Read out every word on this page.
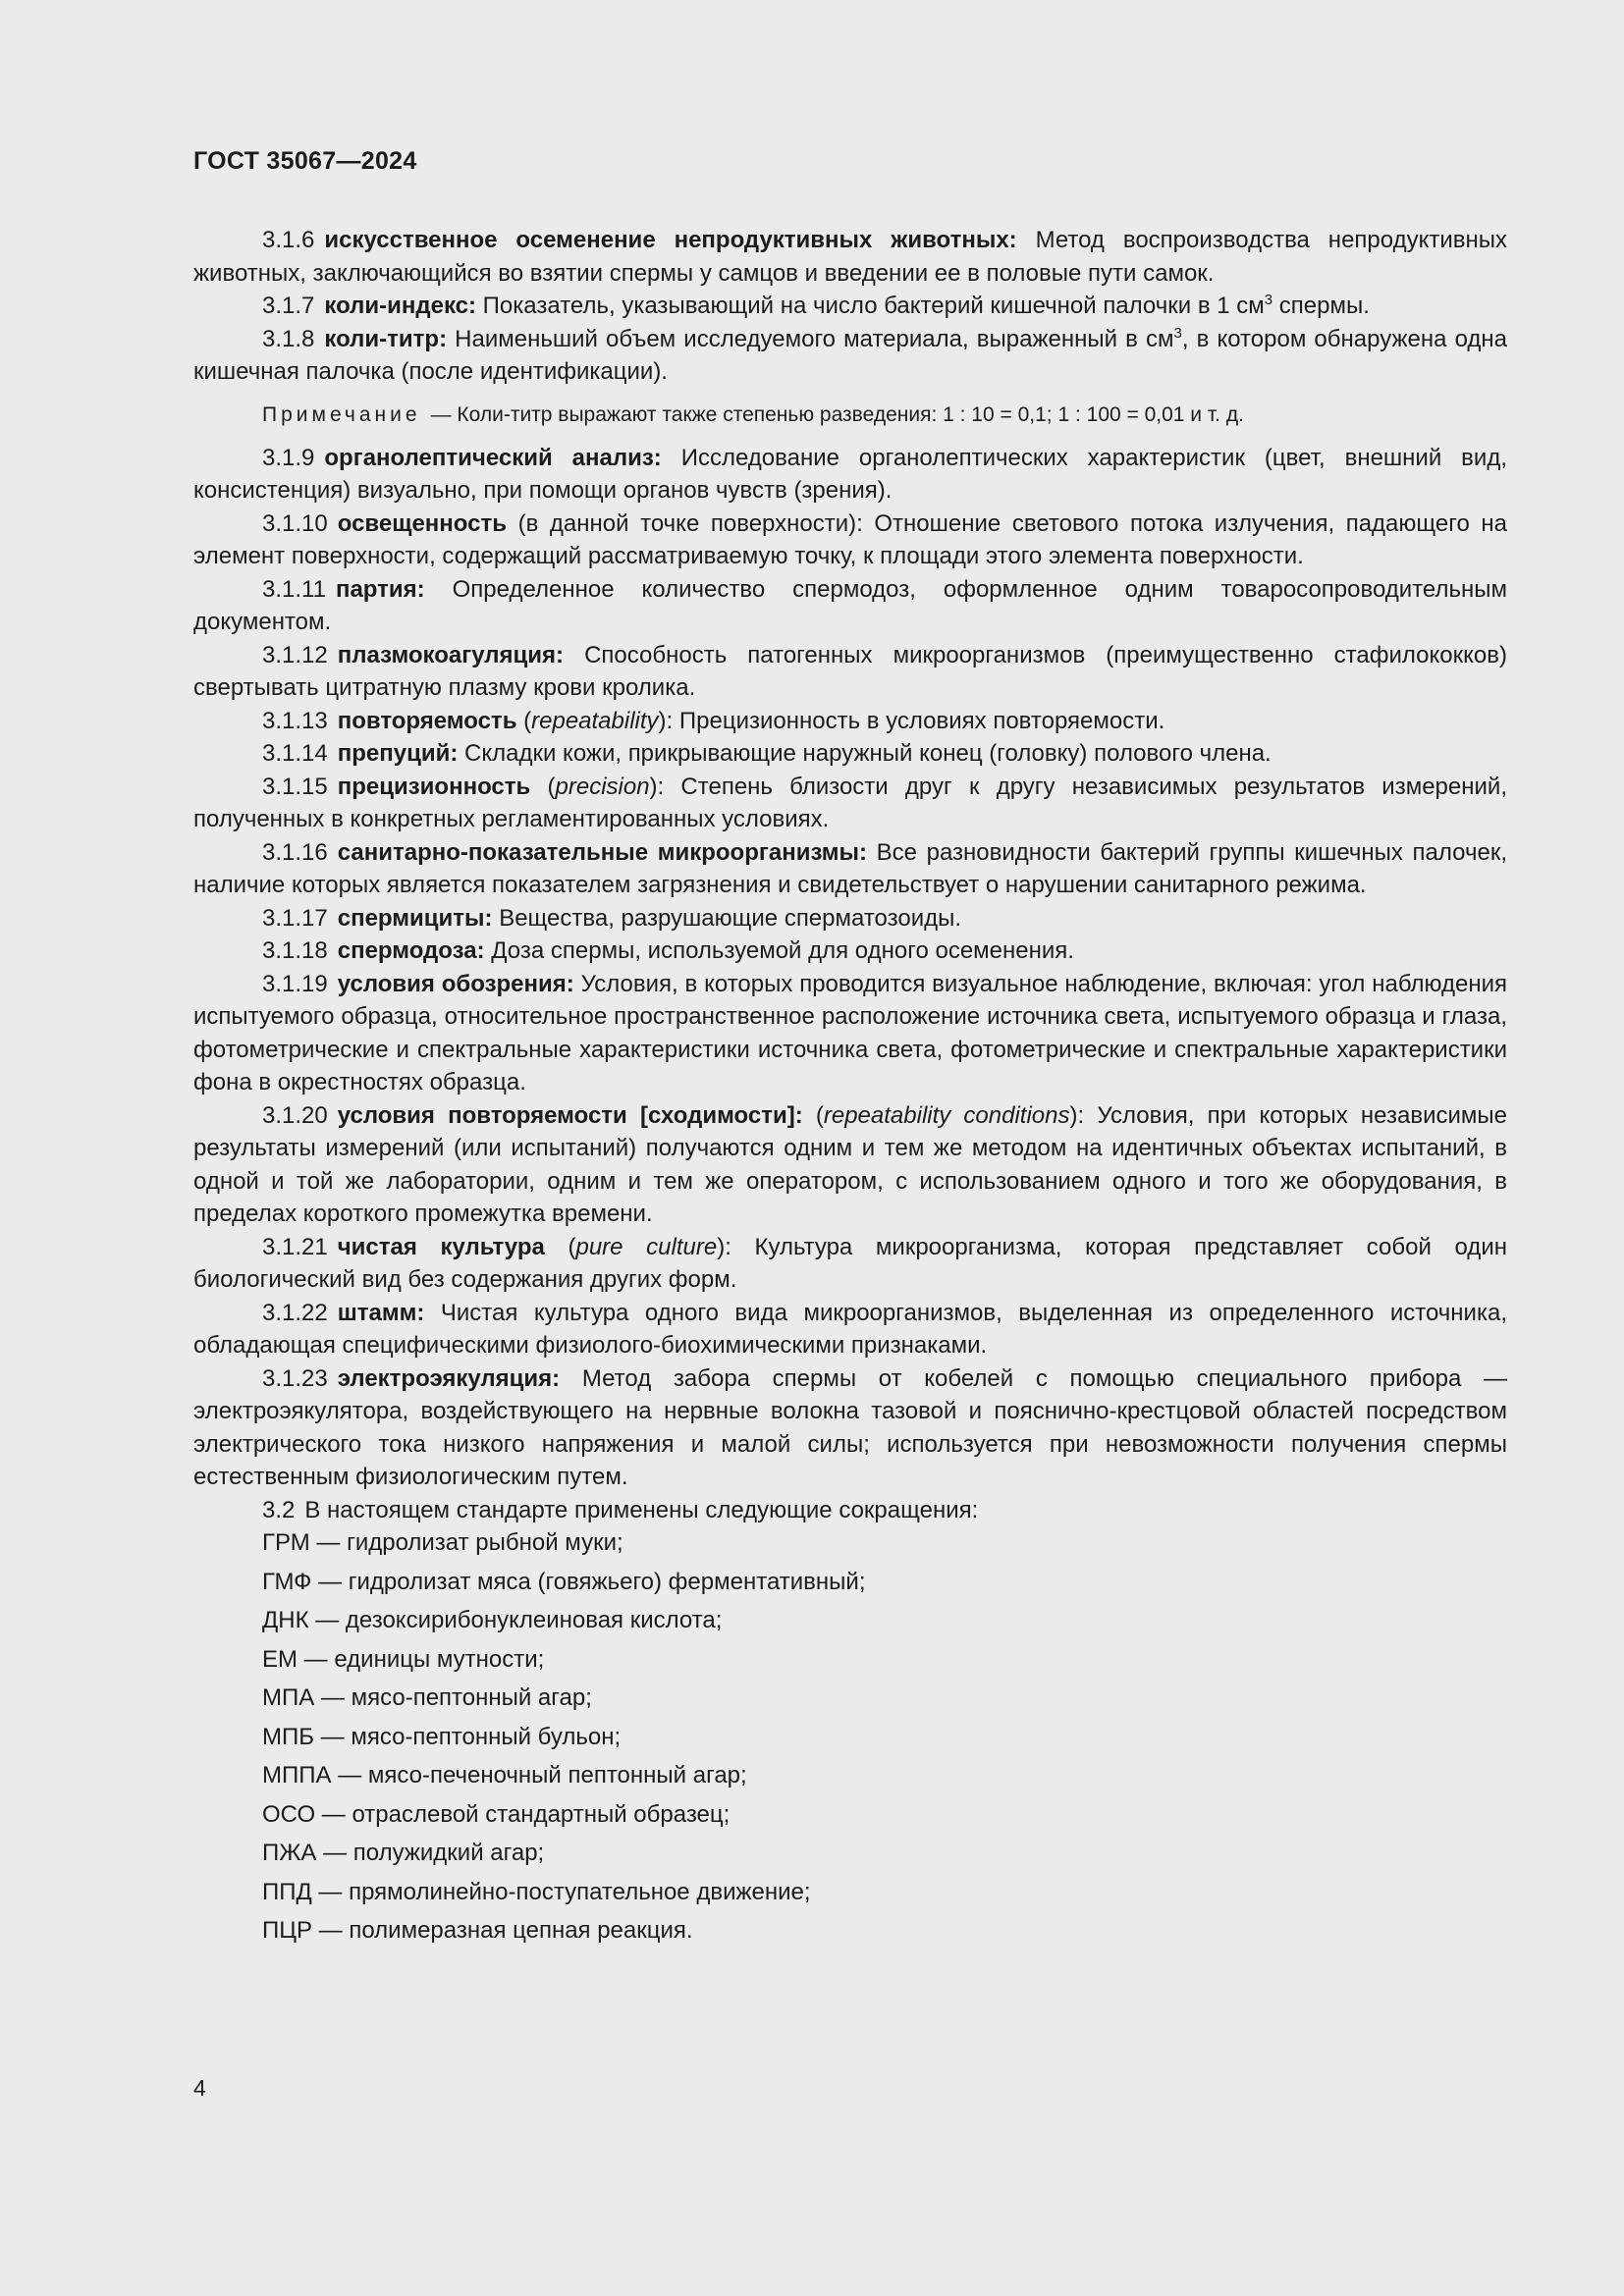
ГОСТ 35067—2024

3.1.6 искусственное осеменение непродуктивных животных: Метод воспроизводства непродуктивных животных, заключающийся во взятии спермы у самцов и введении ее в половые пути самок.

3.1.7 коли-индекс: Показатель, указывающий на число бактерий кишечной палочки в 1 $см^3$ спермы.

3.1.8 коли-титр: Наименьший объем исследуемого материала, выраженный в $см^3$, в котором обнаружена одна кишечная палочка (после идентификации).

Примечание — Коли-титр выражают также степенью разведения: 1 : 10 = 0,1; 1 : 100 = 0,01 и т. д.

3.1.9 органолептический анализ: Исследование органолептических характеристик (цвет, внешний вид, консистенция) визуально, при помощи органов чувств (зрения).

3.1.10 освещенность (в данной точке поверхности): Отношение светового потока излучения, падающего на элемент поверхности, содержащий рассматриваемую точку, к площади этого элемента поверхности.

3.1.11 партия: Определенное количество спермодоз, оформленное одним товаросопроводительным документом.

3.1.12 плазмокоагуляция: Способность патогенных микроорганизмов (преимущественно стафилококков) свертывать цитратную плазму крови кролика.

3.1.13 повторяемость (repeatability): Прецизионность в условиях повторяемости.

3.1.14 препуций: Складки кожи, прикрывающие наружный конец (головку) полового члена.

3.1.15 прецизионность (precision): Степень близости друг к другу независимых результатов измерений, полученных в конкретных регламентированных условиях.

3.1.16 санитарно-показательные микроорганизмы: Все разновидности бактерий группы кишечных палочек, наличие которых является показателем загрязнения и свидетельствует о нарушении санитарного режима.

3.1.17 спермициты: Вещества, разрушающие сперматозоиды.

3.1.18 спермодоза: Доза спермы, используемой для одного осеменения.

3.1.19 условия обозрения: Условия, в которых проводится визуальное наблюдение, включая: угол наблюдения испытуемого образца, относительное пространственное расположение источника света, испытуемого образца и глаза, фотометрические и спектральные характеристики источника света, фотометрические и спектральные характеристики фона в окрестностях образца.

3.1.20 условия повторяемости [сходимости]: (repeatability conditions): Условия, при которых независимые результаты измерений (или испытаний) получаются одним и тем же методом на идентичных объектах испытаний, в одной и той же лаборатории, одним и тем же оператором, с использованием одного и того же оборудования, в пределах короткого промежутка времени.

3.1.21 чистая культура (pure culture): Культура микроорганизма, которая представляет собой один биологический вид без содержания других форм.

3.1.22 штамм: Чистая культура одного вида микроорганизмов, выделенная из определенного источника, обладающая специфическими физиолого-биохимическими признаками.

3.1.23 электроэякуляция: Метод забора спермы от кобелей с помощью специального прибора — электроэякулятора, воздействующего на нервные волокна тазовой и пояснично-крестцовой областей посредством электрического тока низкого напряжения и малой силы; используется при невозможности получения спермы естественным физиологическим путем.

3.2 В настоящем стандарте применены следующие сокращения:

ГРМ — гидролизат рыбной муки;
ГМФ — гидролизат мяса (говяжьего) ферментативный;
ДНК — дезоксирибонуклеиновая кислота;
ЕМ — единицы мутности;
МПА — мясо-пептонный агар;
МПБ — мясо-пептонный бульон;
МППА — мясо-печеночный пептонный агар;
ОСО — отраслевой стандартный образец;
ПЖА — полужидкий агар;
ППД — прямолинейно-поступательное движение;
ПЦР — полимеразная цепная реакция.
4
